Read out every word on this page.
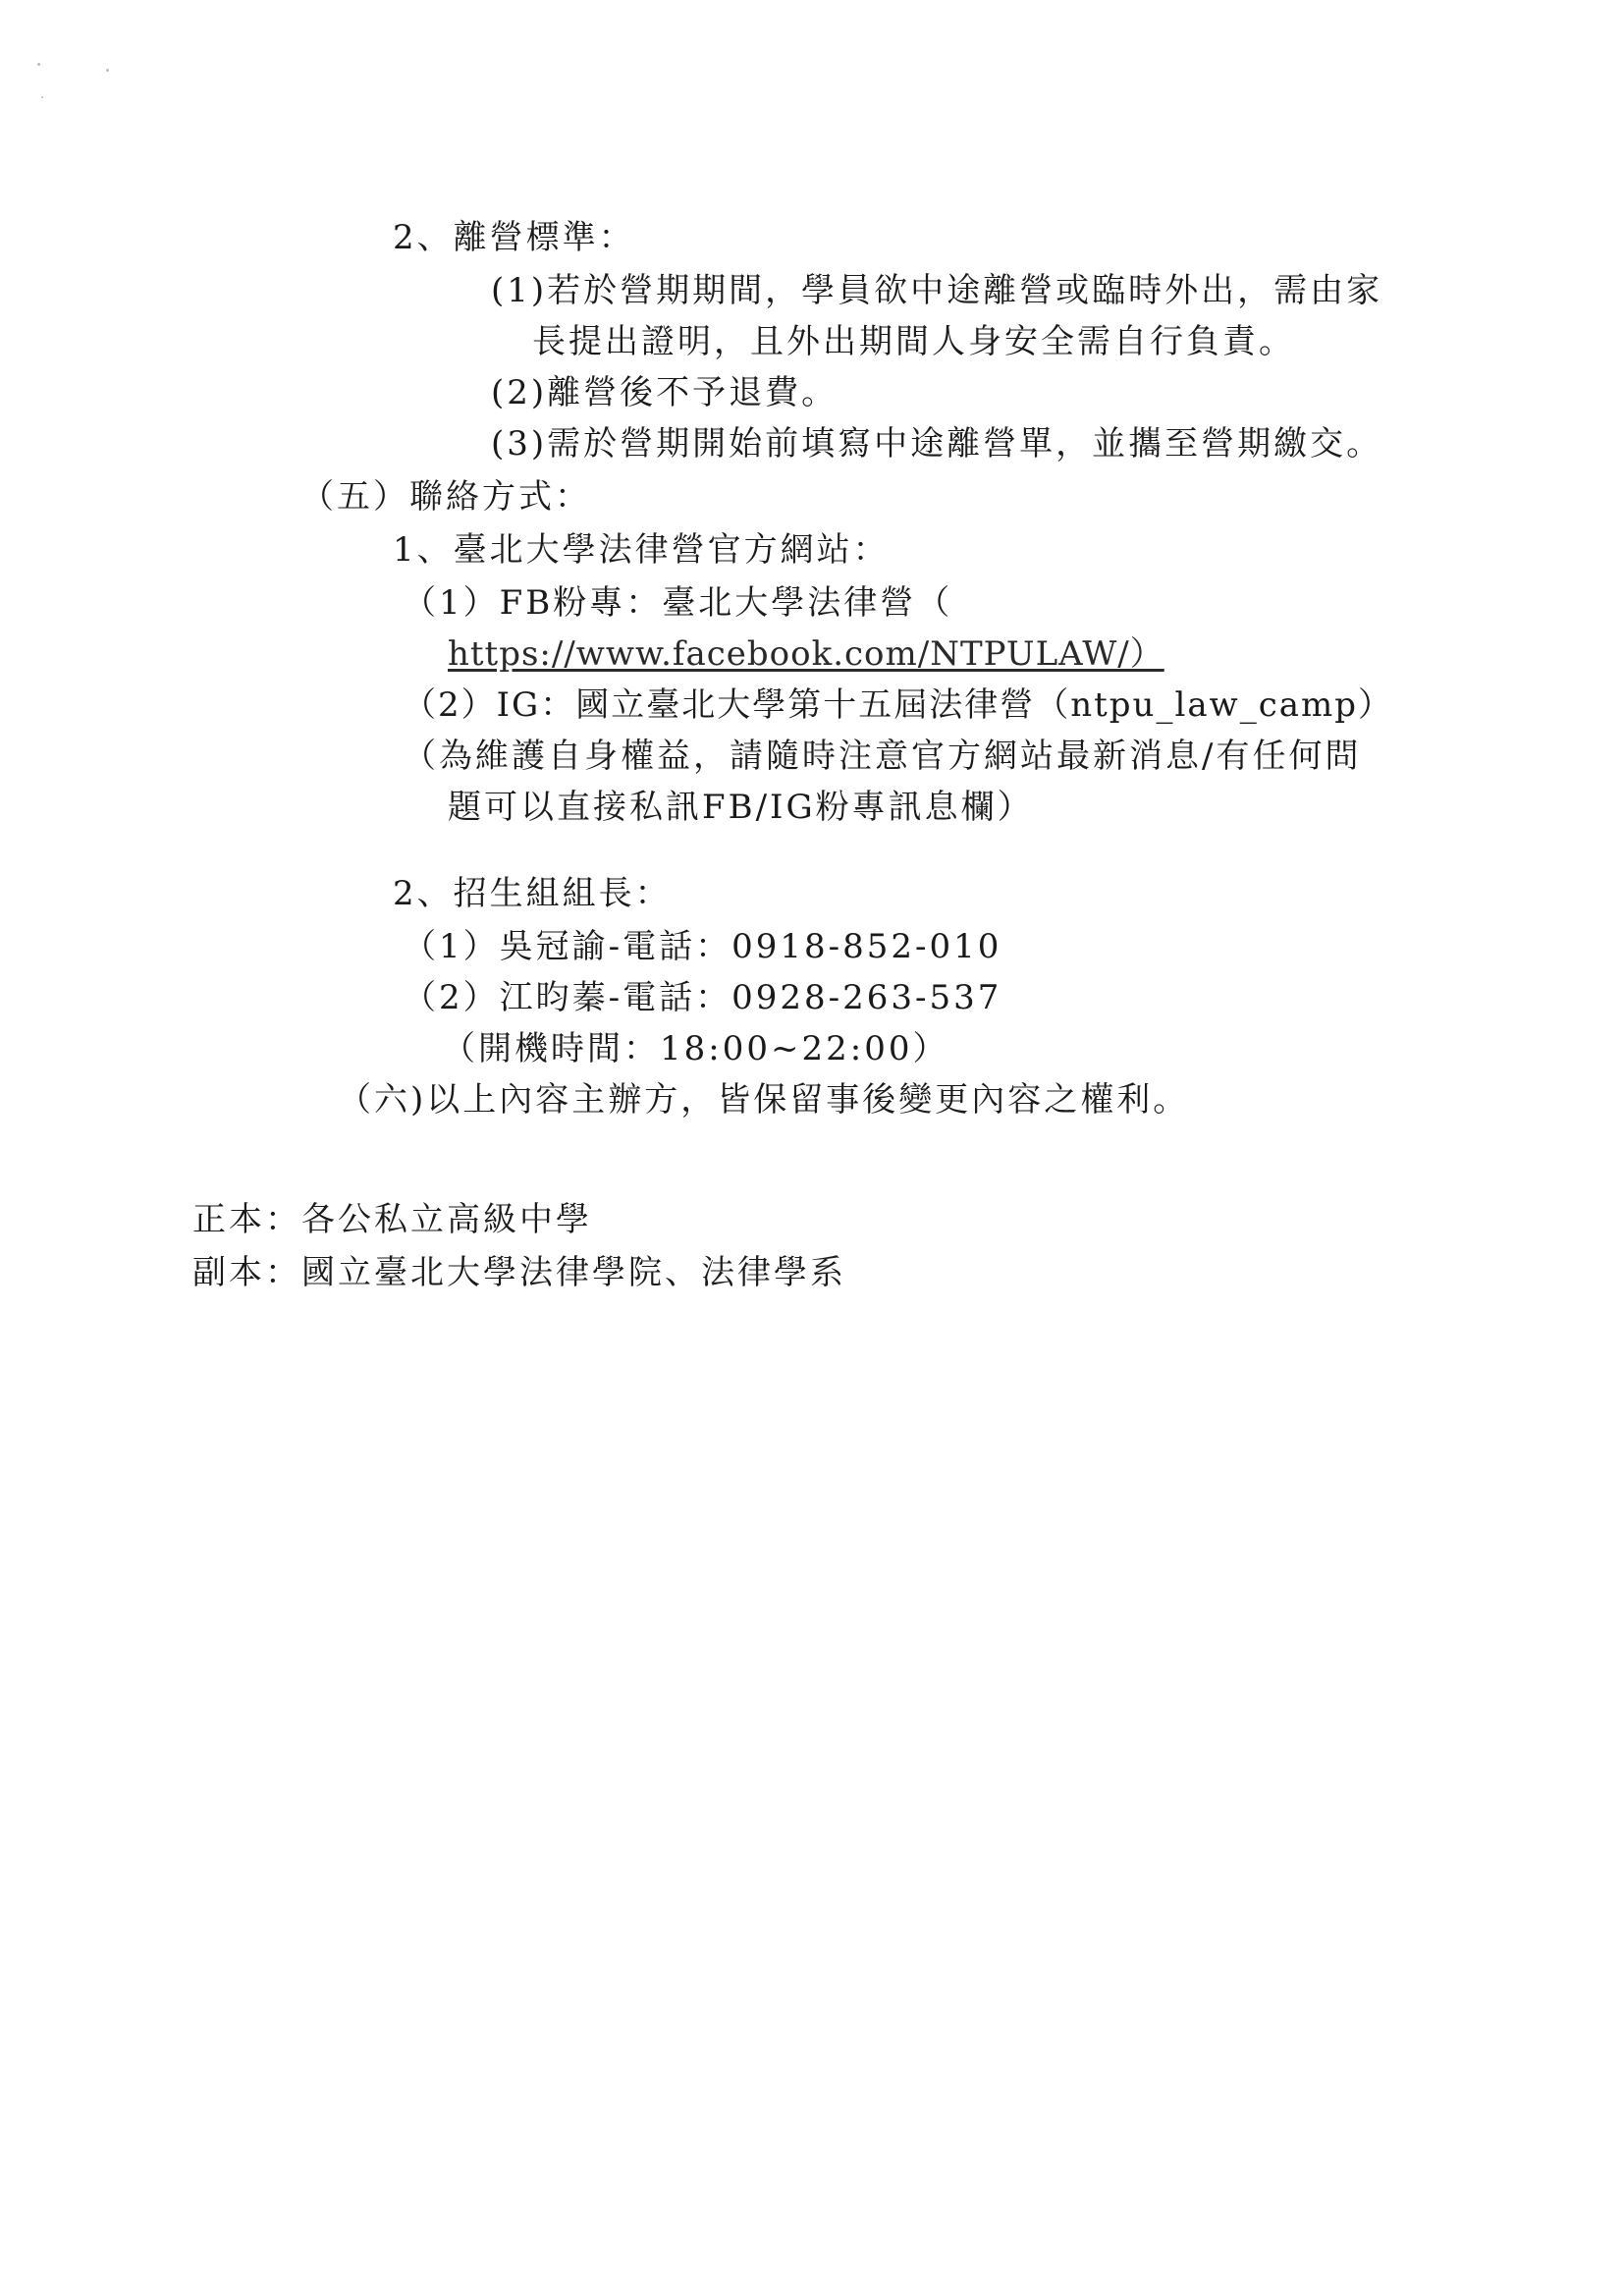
2、離營標準：
(1)若於營期期間，學員欲中途離營或臨時外出，需由家
長提出證明，且外出期間人身安全需自行負責。
(2)離營後不予退費。
(3)需於營期開始前填寫中途離營單，並攜至營期繳交。
（五）聯絡方式：
1、臺北大學法律營官方網站：
（1）FB粉專：臺北大學法律營（
https://www.facebook.com/NTPULAW/）
（2）IG：國立臺北大學第十五屆法律營（ntpu_law_camp）
（為維護自身權益，請隨時注意官方網站最新消息/有任何問
題可以直接私訊FB/IG粉專訊息欄）
2、招生組組長：
（1）吳冠諭-電話：0918-852-010
（2）江昀蓁-電話：0928-263-537
（開機時間：18:00~22:00）
（六)以上內容主辦方，皆保留事後變更內容之權利。
正本：各公私立高級中學
副本：國立臺北大學法律學院、法律學系
